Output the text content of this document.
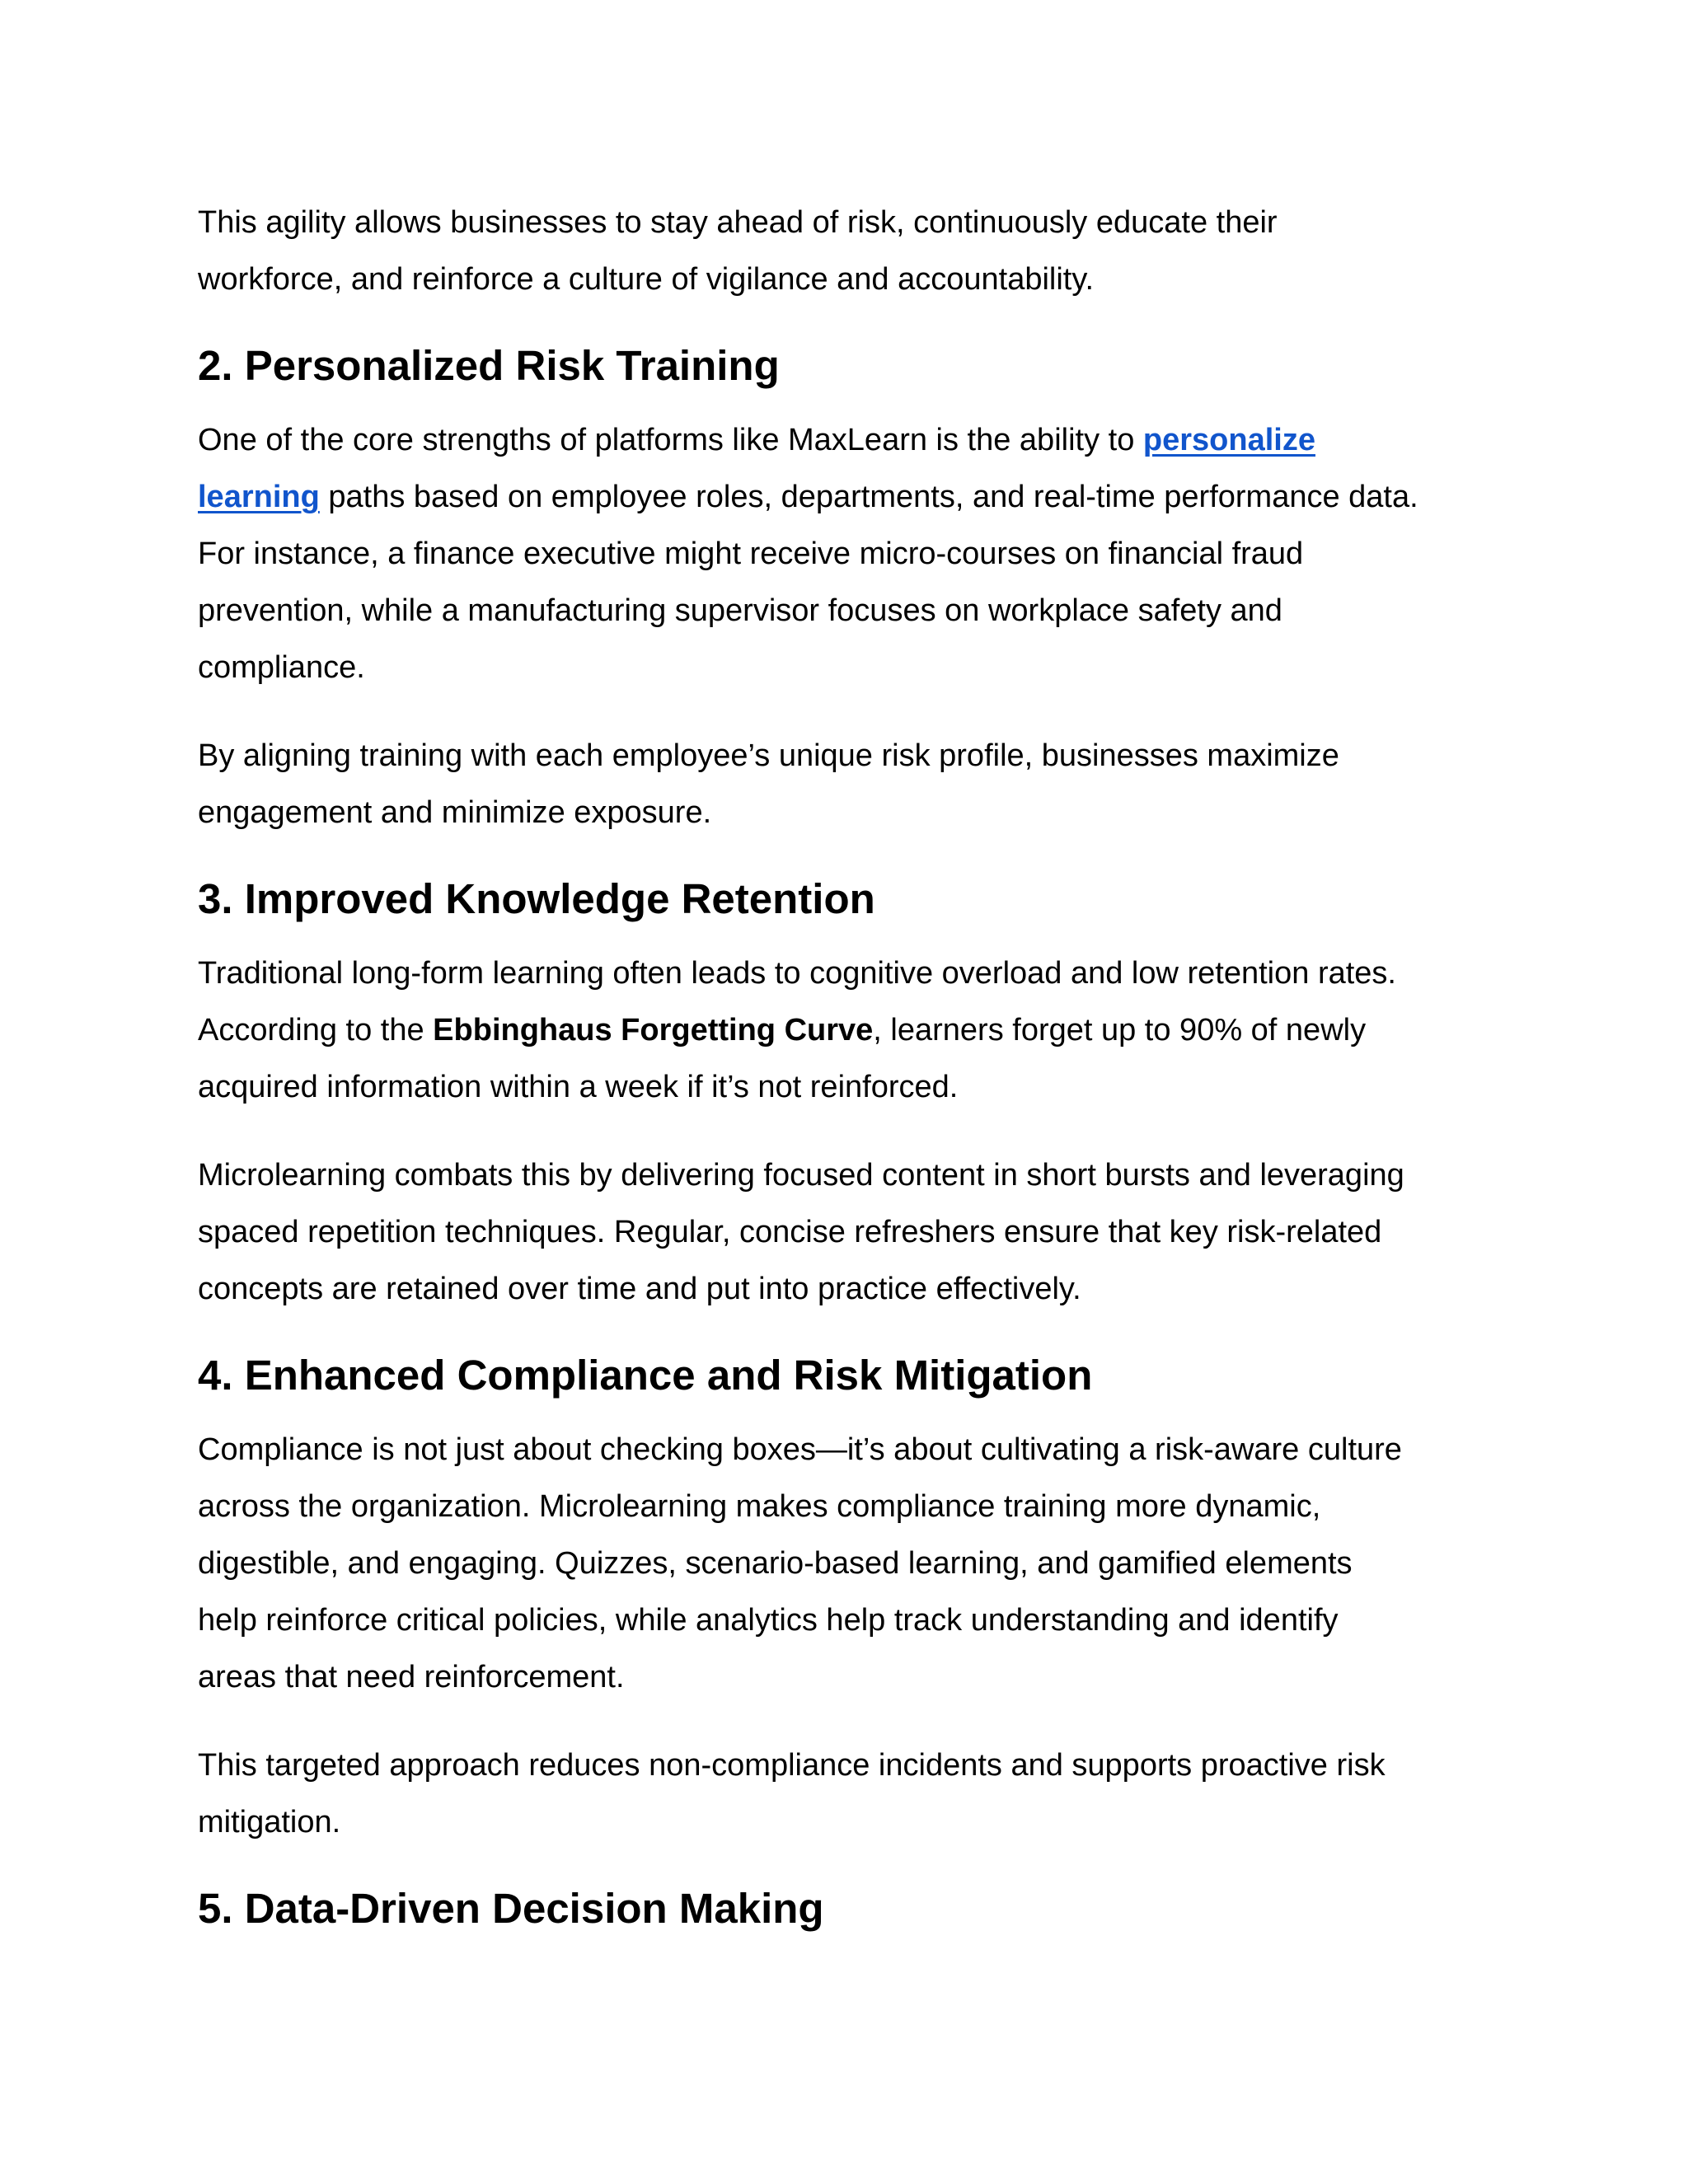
This agility allows businesses to stay ahead of risk, continuously educate their
workforce, and reinforce a culture of vigilance and accountability.

2. Personalized Risk Training

One of the core strengths of platforms like MaxLearn is the ability to personalize
learning paths based on employee roles, departments, and real-time performance data.
For instance, a finance executive might receive micro-courses on financial fraud
prevention, while a manufacturing supervisor focuses on workplace safety and
compliance.

By aligning training with each employee’s unique risk profile, businesses maximize
engagement and minimize exposure.

3. Improved Knowledge Retention

Traditional long-form learning often leads to cognitive overload and low retention rates.
According to the Ebbinghaus Forgetting Curve, learners forget up to 90% of newly
acquired information within a week if it’s not reinforced.

Microlearning combats this by delivering focused content in short bursts and leveraging
spaced repetition techniques. Regular, concise refreshers ensure that key risk-related
concepts are retained over time and put into practice effectively.

4. Enhanced Compliance and Risk Mitigation

Compliance is not just about checking boxes—it’s about cultivating a risk-aware culture
across the organization. Microlearning makes compliance training more dynamic,
digestible, and engaging. Quizzes, scenario-based learning, and gamified elements
help reinforce critical policies, while analytics help track understanding and identify
areas that need reinforcement.

This targeted approach reduces non-compliance incidents and supports proactive risk
mitigation.

5. Data-Driven Decision Making
